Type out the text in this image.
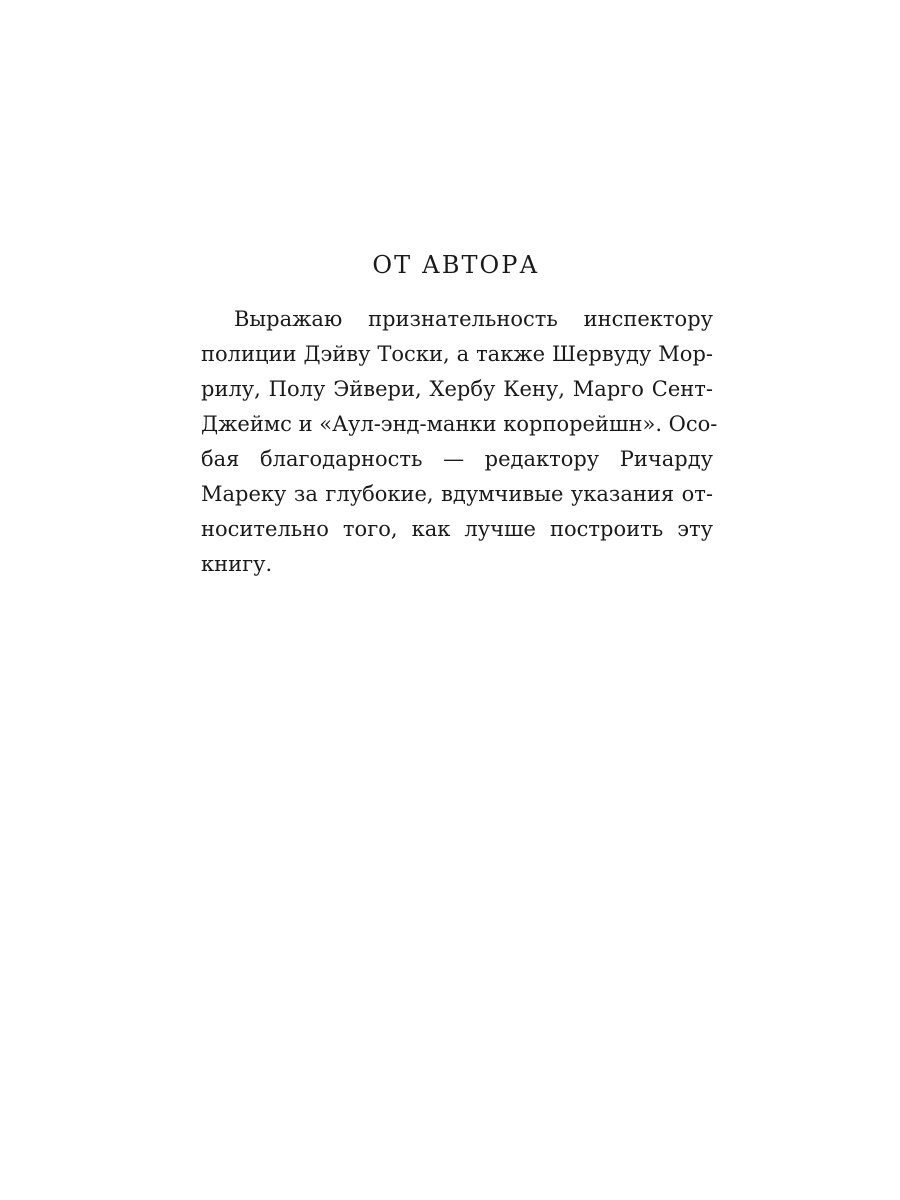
ОТ АВТОРА
Выражаю признательность инспектору
полиции Дэйву Тоски, а также Шервуду Мор-
рилу, Полу Эйвери, Хербу Кену, Марго Сент-
Джеймс и «Аул-энд-манки корпорейшн». Осо-
бая благодарность — редактору Ричарду
Мареку за глубокие, вдумчивые указания от-
носительно того, как лучше построить эту
книгу.
